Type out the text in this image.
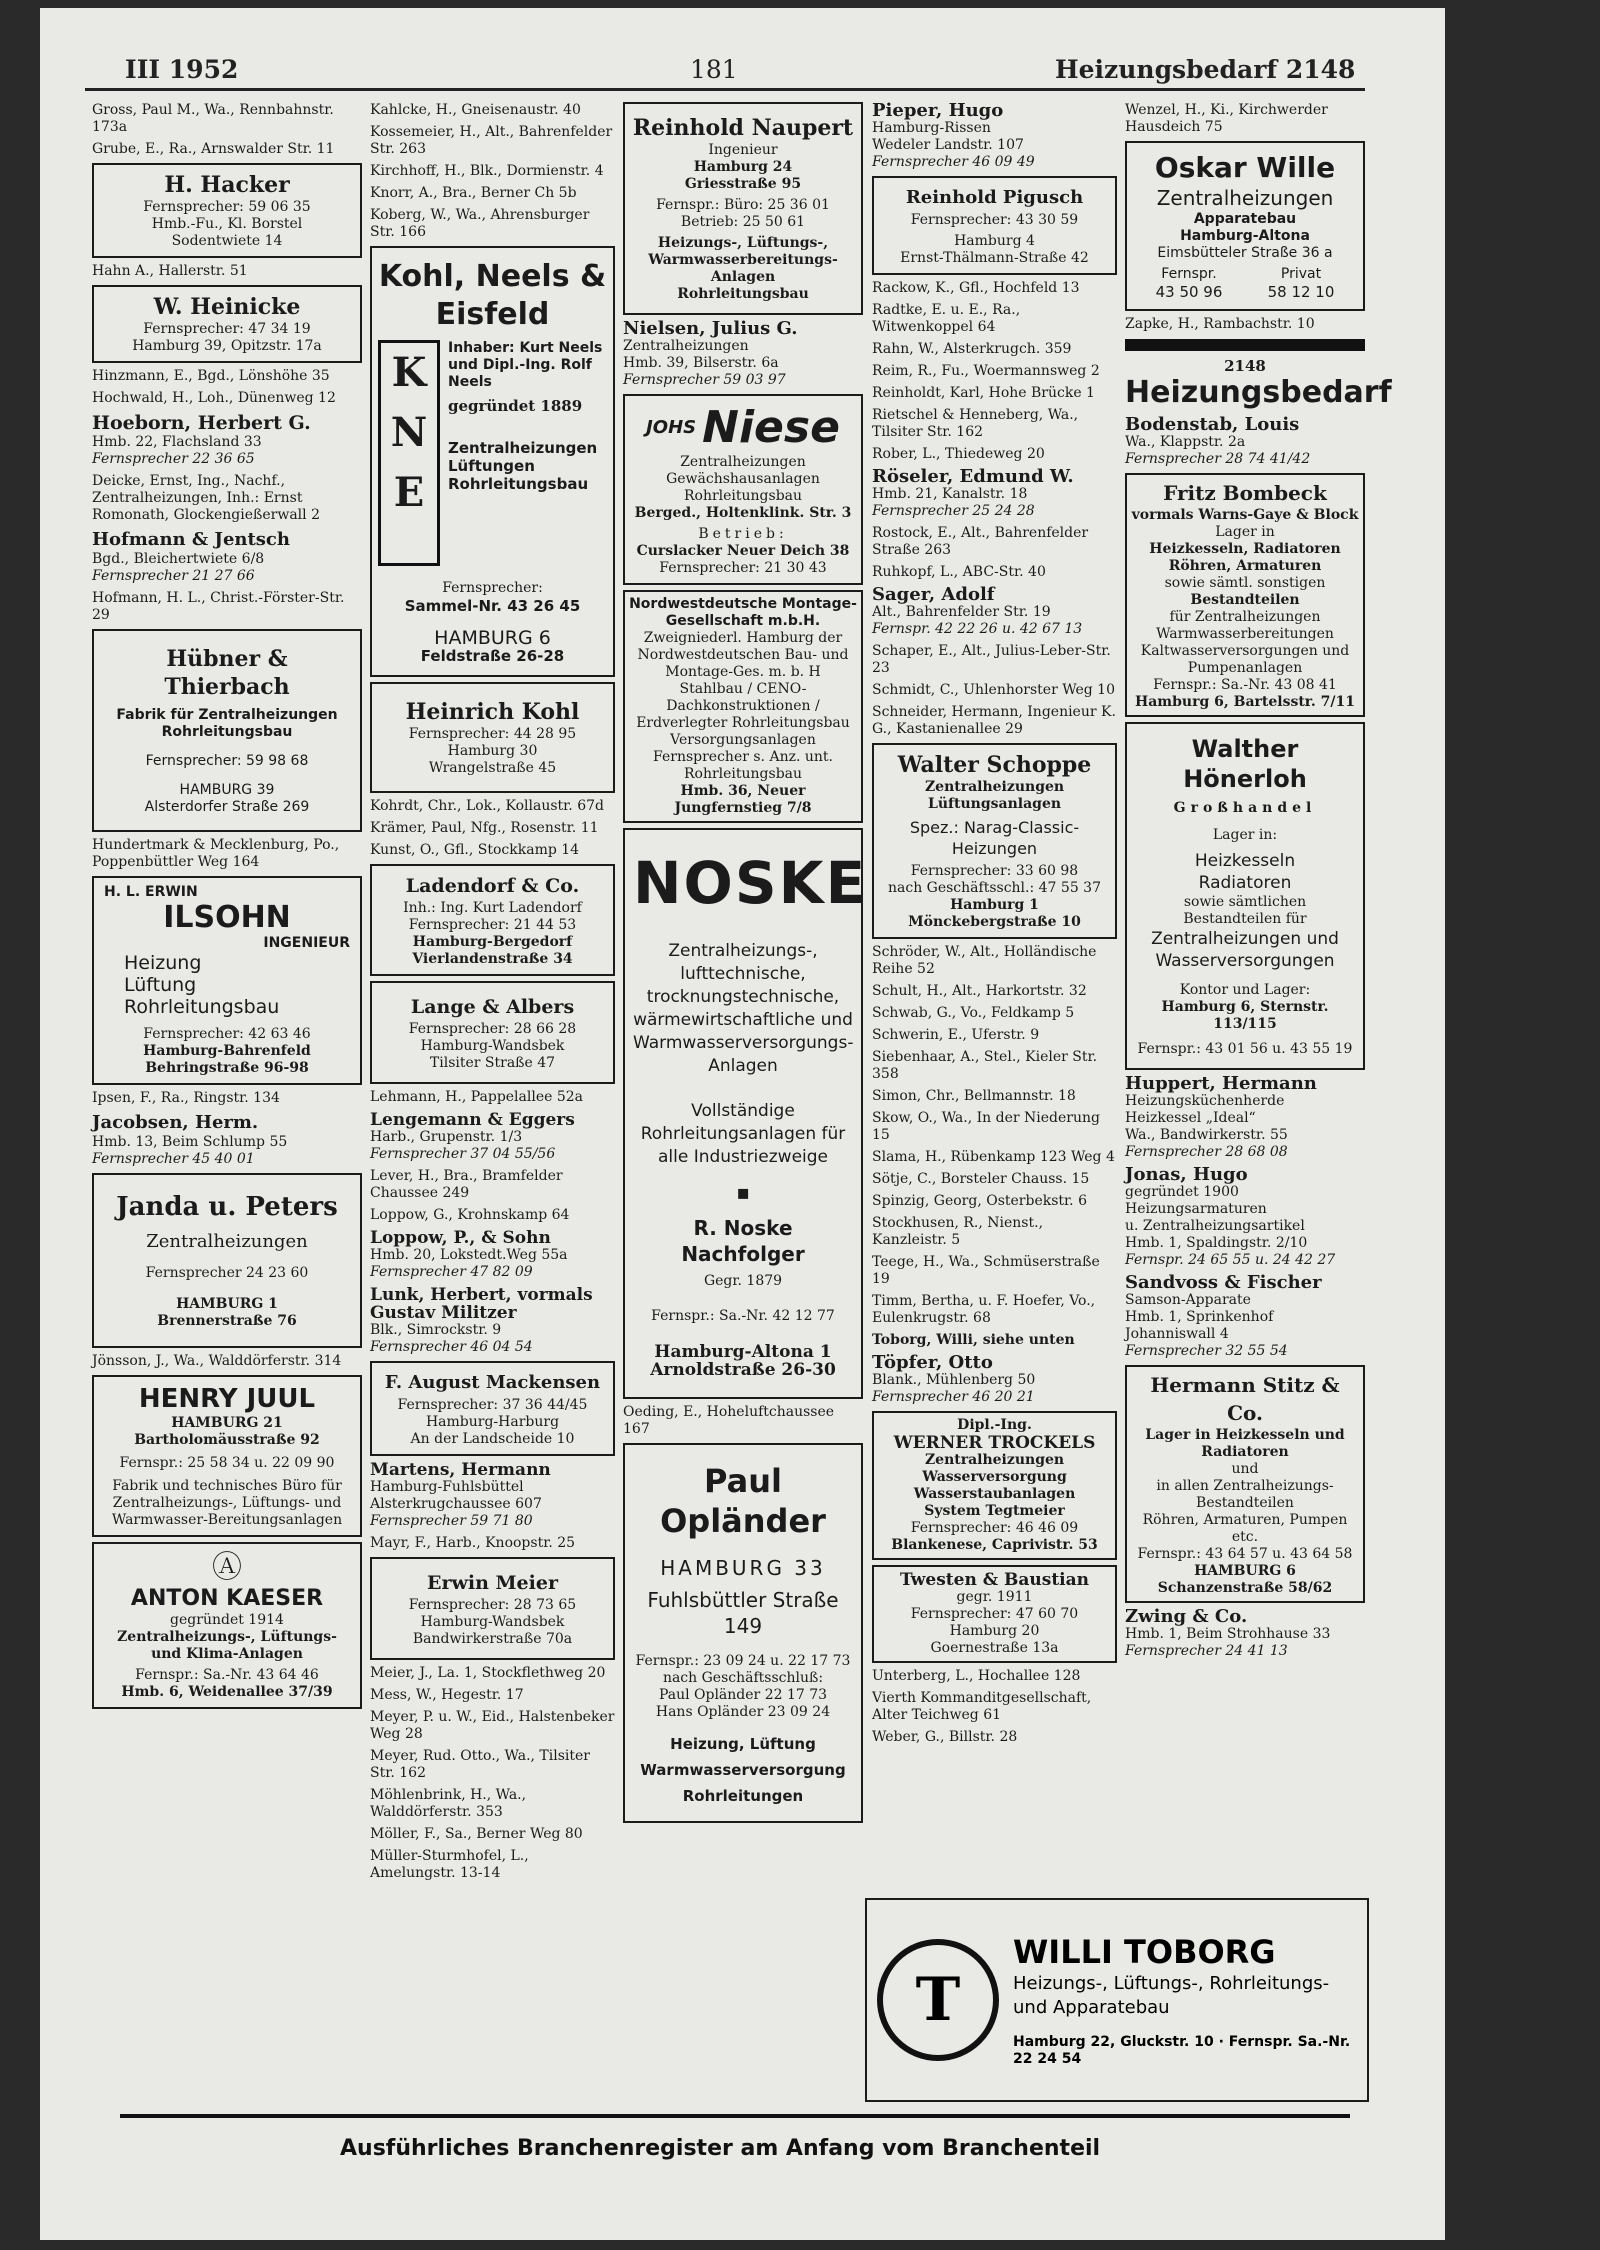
III 1952	181	Heizungsbedarf 2148
Gross, Paul M., Wa., Rennbahnstr. 173a
Grube, E., Ra., Arnswalder Str. 11
H. Hacker
Fernsprecher: 59 06 35
Hmb.-Fu., Kl. Borstel
Sodentwiete 14
Hahn A., Hallerstr. 51
W. Heinicke
Fernsprecher: 47 34 19
Hamburg 39, Opitzstr. 17a
Hinzmann, E., Bgd., Lönshöhe 35
Hochwald, H., Loh., Dünenweg 12
Hoeborn, Herbert G.
Hmb. 22, Flachsland 33
Fernsprecher 22 36 65
Deicke, Ernst, Ing., Nachf., Zentralheizungen, Inh.: Ernst Romonath, Glockengießerwall 2
Hofmann & Jentsch
Bgd., Bleichertwiete 6/8
Fernsprecher 21 27 66
Hofmann, H. L., Christ.-Förster-Str. 29
Hübner & Thierbach
Fabrik für Zentralheizungen
Rohrleitungsbau
Fernsprecher: 59 98 68
HAMBURG 39
Alsterdorfer Straße 269
Hundertmark & Mecklenburg, Po., Poppenbüttler Weg 164
H. L. ERWIN
ILSOHN
INGENIEUR
Heizung
Lüftung
Rohrleitungsbau
Fernsprecher: 42 63 46
Hamburg-Bahrenfeld
Behringstraße 96-98
Ipsen, F., Ra., Ringstr. 134
Jacobsen, Herm.
Hmb. 13, Beim Schlump 55
Fernsprecher 45 40 01
Janda u. Peters
Zentralheizungen
Fernsprecher 24 23 60
HAMBURG 1
Brennerstraße 76
Jönsson, J., Wa., Walddörferstr. 314
HENRY JUUL
HAMBURG 21
Bartholomäusstraße 92
Fernspr.: 25 58 34 u. 22 09 90
Fabrik und technisches Büro für Zentralheizungs-, Lüftungs- und Warmwasser-Bereitungsanlagen
Ⓐ
ANTON KAESER
gegründet 1914
Zentralheizungs-, Lüftungs- und Klima-Anlagen
Fernspr.: Sa.-Nr. 43 64 46
Hmb. 6, Weidenallee 37/39
Kahlcke, H., Gneisenaustr. 40
Kossemeier, H., Alt., Bahrenfelder Str. 263
Kirchhoff, H., Blk., Dormienstr. 4
Knorr, A., Bra., Berner Ch 5b
Koberg, W., Wa., Ahrensburger Str. 166
Kohl, Neels & Eisfeld
K
N
E
Inhaber: Kurt Neels und Dipl.-Ing. Rolf Neels
gegründet 1889
Zentralheizungen
Lüftungen
Rohrleitungsbau
Fernsprecher:
Sammel-Nr. 43 26 45
HAMBURG 6
Feldstraße 26-28
Heinrich Kohl
Fernsprecher: 44 28 95
Hamburg 30
Wrangelstraße 45
Kohrdt, Chr., Lok., Kollaustr. 67d
Krämer, Paul, Nfg., Rosenstr. 11
Kunst, O., Gfl., Stockkamp 14
Ladendorf & Co.
Inh.: Ing. Kurt Ladendorf
Fernsprecher: 21 44 53
Hamburg-Bergedorf
Vierlandenstraße 34
Lange & Albers
Fernsprecher: 28 66 28
Hamburg-Wandsbek
Tilsiter Straße 47
Lehmann, H., Pappelallee 52a
Lengemann & Eggers
Harb., Grupenstr. 1/3
Fernsprecher 37 04 55/56
Lever, H., Bra., Bramfelder Chaussee 249
Loppow, G., Krohnskamp 64
Loppow, P., & Sohn
Hmb. 20, Lokstedt.Weg 55a
Fernsprecher 47 82 09
Lunk, Herbert, vormals Gustav Militzer
Blk., Simrockstr. 9
Fernsprecher 46 04 54
F. August Mackensen
Fernsprecher: 37 36 44/45
Hamburg-Harburg
An der Landscheide 10
Martens, Hermann
Hamburg-Fuhlsbüttel
Alsterkrugchaussee 607
Fernsprecher 59 71 80
Mayr, F., Harb., Knoopstr. 25
Erwin Meier
Fernsprecher: 28 73 65
Hamburg-Wandsbek
Bandwirkerstraße 70a
Meier, J., La. 1, Stockflethweg 20
Mess, W., Hegestr. 17
Meyer, P. u. W., Eid., Halstenbeker Weg 28
Meyer, Rud. Otto., Wa., Tilsiter Str. 162
Möhlenbrink, H., Wa., Walddörferstr. 353
Möller, F., Sa., Berner Weg 80
Müller-Sturmhofel, L., Amelungstr. 13-14
Reinhold Naupert
Ingenieur
Hamburg 24
Griesstraße 95
Fernspr.: Büro: 25 36 01
Betrieb: 25 50 61
Heizungs-, Lüftungs-, Warmwasserbereitungs-Anlagen
Rohrleitungsbau
Nielsen, Julius G.
Zentralheizungen
Hmb. 39, Bilserstr. 6a
Fernsprecher 59 03 97
JOHS Niese
Zentralheizungen
Gewächshausanlagen
Rohrleitungsbau
Berged., Holtenklink. Str. 3
Betrieb:
Curslacker Neuer Deich 38
Fernsprecher: 21 30 43
Nordwestdeutsche Montage-Gesellschaft m.b.H.
Zweigniederl. Hamburg der Nordwestdeutschen Bau- und Montage-Ges. m. b. H
Stahlbau / CENO-Dachkonstruktionen / Erdverlegter Rohrleitungsbau Versorgungsanlagen
Fernsprecher s. Anz. unt. Rohrleitungsbau
Hmb. 36, Neuer Jungfernstieg 7/8
NOSKE
Zentralheizungs-, lufttechnische, trocknungstechnische, wärmewirtschaftliche und Warmwasserversorgungs-Anlagen
Vollständige Rohrleitungsanlagen für alle Industriezweige
▪
R. Noske Nachfolger
Gegr. 1879
Fernspr.: Sa.-Nr. 42 12 77
Hamburg-Altona 1
Arnoldstraße 26-30
Oeding, E., Hoheluftchaussee 167
Paul Opländer
HAMBURG 33
Fuhlsbüttler Straße 149
Fernspr.: 23 09 24 u. 22 17 73
nach Geschäftsschluß:
Paul Opländer 22 17 73
Hans Opländer 23 09 24
Heizung, Lüftung
Warmwasserversorgung
Rohrleitungen
Pieper, Hugo
Hamburg-Rissen
Wedeler Landstr. 107
Fernsprecher 46 09 49
Reinhold Pigusch
Fernsprecher: 43 30 59
Hamburg 4
Ernst-Thälmann-Straße 42
Rackow, K., Gfl., Hochfeld 13
Radtke, E. u. E., Ra., Witwenkoppel 64
Rahn, W., Alsterkrugch. 359
Reim, R., Fu., Woermannsweg 2
Reinholdt, Karl, Hohe Brücke 1
Rietschel & Henneberg, Wa., Tilsiter Str. 162
Rober, L., Thiedeweg 20
Röseler, Edmund W.
Hmb. 21, Kanalstr. 18
Fernsprecher 25 24 28
Rostock, E., Alt., Bahrenfelder Straße 263
Ruhkopf, L., ABC-Str. 40
Sager, Adolf
Alt., Bahrenfelder Str. 19
Fernspr. 42 22 26 u. 42 67 13
Schaper, E., Alt., Julius-Leber-Str. 23
Schmidt, C., Uhlenhorster Weg 10
Schneider, Hermann, Ingenieur K. G., Kastanienallee 29
Walter Schoppe
Zentralheizungen
Lüftungsanlagen
Spez.: Narag-Classic-Heizungen
Fernsprecher: 33 60 98
nach Geschäftsschl.: 47 55 37
Hamburg 1
Mönckebergstraße 10
Schröder, W., Alt., Holländische Reihe 52
Schult, H., Alt., Harkortstr. 32
Schwab, G., Vo., Feldkamp 5
Schwerin, E., Uferstr. 9
Siebenhaar, A., Stel., Kieler Str. 358
Simon, Chr., Bellmannstr. 18
Skow, O., Wa., In der Niederung 15
Slama, H., Rübenkamp 123 Weg 4
Sötje, C., Borsteler Chauss. 15
Spinzig, Georg, Osterbekstr. 6
Stockhusen, R., Nienst., Kanzleistr. 5
Teege, H., Wa., Schmüserstraße 19
Timm, Bertha, u. F. Hoefer, Vo., Eulenkrugstr. 68
Toborg, Willi, siehe unten
Töpfer, Otto
Blank., Mühlenberg 50
Fernsprecher 46 20 21
Dipl.-Ing.
WERNER TROCKELS
Zentralheizungen
Wasserversorgung
Wasserstaubanlagen
System Tegtmeier
Fernsprecher: 46 46 09
Blankenese, Caprivistr. 53
Twesten & Baustian
gegr. 1911
Fernsprecher: 47 60 70
Hamburg 20
Goernestraße 13a
Unterberg, L., Hochallee 128
Vierth Kommanditgesellschaft, Alter Teichweg 61
Weber, G., Billstr. 28
Wenzel, H., Ki., Kirchwerder Hausdeich 75
Oskar Wille
Zentralheizungen
Apparatebau
Hamburg-Altona
Eimsbütteler Straße 36 a
Fernspr.
43 50 96
Privat
58 12 10
Zapke, H., Rambachstr. 10
2148
Heizungsbedarf
Bodenstab, Louis
Wa., Klappstr. 2a
Fernsprecher 28 74 41/42
Fritz Bombeck
vormals Warns-Gaye & Block
Lager in
Heizkesseln, Radiatoren
Röhren, Armaturen
sowie sämtl. sonstigen
Bestandteilen
für Zentralheizungen Warmwasserbereitungen Kaltwasserversorgungen und Pumpenanlagen
Fernspr.: Sa.-Nr. 43 08 41
Hamburg 6, Bartelsstr. 7/11
Walther Hönerloh
Großhandel
Lager in:
Heizkesseln
Radiatoren
sowie sämtlichen Bestandteilen für
Zentralheizungen und Wasserversorgungen
Kontor und Lager:
Hamburg 6, Sternstr. 113/115
Fernspr.: 43 01 56 u. 43 55 19
Huppert, Hermann
Heizungsküchenherde
Heizkessel „Ideal“
Wa., Bandwirkerstr. 55
Fernsprecher 28 68 08
Jonas, Hugo
gegründet 1900
Heizungsarmaturen
u. Zentralheizungsartikel
Hmb. 1, Spaldingstr. 2/10
Fernspr. 24 65 55 u. 24 42 27
Sandvoss & Fischer
Samson-Apparate
Hmb. 1, Sprinkenhof Johanniswall 4
Fernsprecher 32 55 54
Hermann Stitz & Co.
Lager in Heizkesseln und Radiatoren
und
in allen Zentralheizungs-Bestandteilen
Röhren, Armaturen, Pumpen etc.
Fernspr.: 43 64 57 u. 43 64 58
HAMBURG 6
Schanzenstraße 58/62
Zwing & Co.
Hmb. 1, Beim Strohhause 33
Fernsprecher 24 41 13
T
WILLI TOBORG
Heizungs-, Lüftungs-, Rohrleitungs- und Apparatebau
Hamburg 22, Gluckstr. 10 · Fernspr. Sa.-Nr. 22 24 54
Ausführliches Branchenregister am Anfang vom Branchenteil
